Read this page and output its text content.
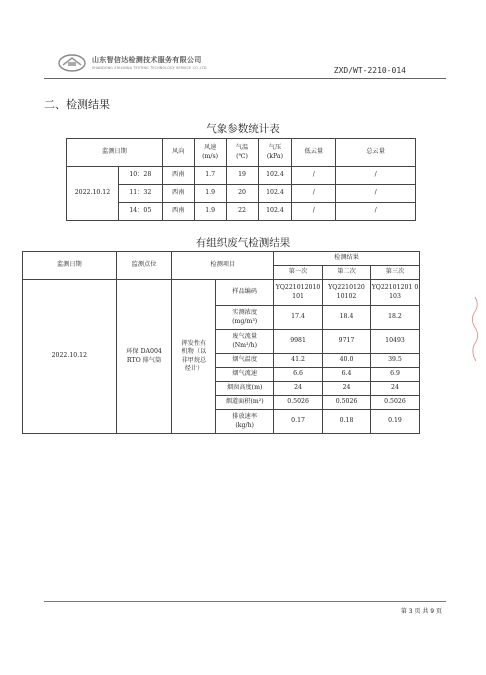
山东智信达检测技术服务有限公司
SHANDONG ZHIXINDA TESTING TECHNOLOGY SERVICE CO.,LTD	ZXD/WT-2210-014
二、检测结果
气象参数统计表
监测日期		风向	风速
(m/s)	气温
(℃)	气压
(kPa)	低云量	总云量
2022.10.12	10：28	西南	1.7	19	102.4	/	/
	11：32	西南	1.9	20	102.4	/	/
	14：05	西南	1.9	22	102.4	/	/
有组织废气检测结果
监测日期	监测点位	检测项目		检测结果		
				第一次	第二次	第三次
2022.10.12	环保 DA004
RTO 排气筒	挥发性有
机物（以
非甲烷总
烃计）	样品编码	YQ221012010
101	YQ2210120
10102	YQ22101201 0
103
			实测浓度
(mg/m³)	17.4	18.4	18.2
			废气流量
(Nm³/h)	9981	9717	10493
			烟气温度	41.2	40.0	39.5
			烟气流速	6.6	6.4	6.9
			烟囱高度(m)	24	24	24
			烟道面积(m²)	0.5026	0.5026	0.5026
			排放速率
(kg/h)	0.17	0.18	0.19
第 3 页 共 9 页
